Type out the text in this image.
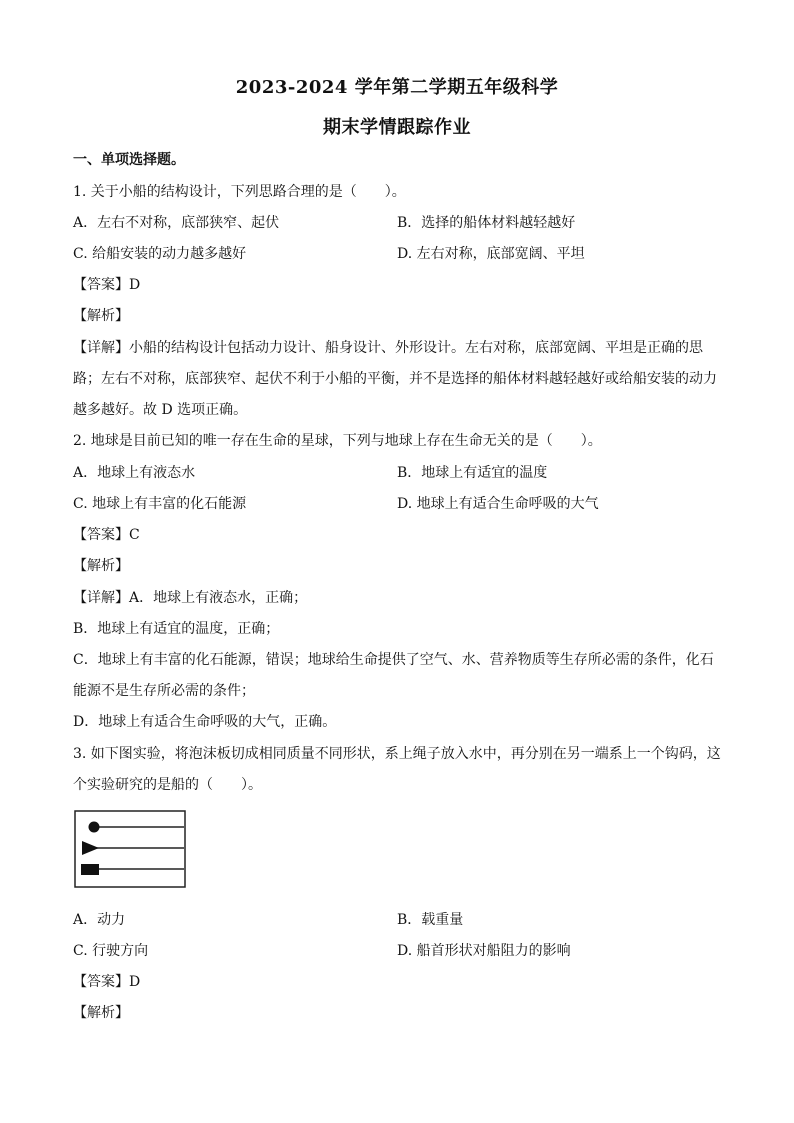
2023-2024 学年第二学期五年级科学
期末学情跟踪作业
一、单项选择题。
1. 关于小船的结构设计，下列思路合理的是（　　）。
A．左右不对称，底部狭窄、起伏	B．选择的船体材料越轻越好
C. 给船安装的动力越多越好	D. 左右对称，底部宽阔、平坦
【答案】D
【解析】
【详解】小船的结构设计包括动力设计、船身设计、外形设计。左右对称，底部宽阔、平坦是正确的思
路；左右不对称，底部狭窄、起伏不利于小船的平衡，并不是选择的船体材料越轻越好或给船安装的动力
越多越好。故 D 选项正确。
2. 地球是目前已知的唯一存在生命的星球，下列与地球上存在生命无关的是（　　）。
A．地球上有液态水	B．地球上有适宜的温度
C. 地球上有丰富的化石能源	D. 地球上有适合生命呼吸的大气
【答案】C
【解析】
【详解】A．地球上有液态水，正确；
B．地球上有适宜的温度，正确；
C．地球上有丰富的化石能源，错误；地球给生命提供了空气、水、营养物质等生存所必需的条件，化石
能源不是生存所必需的条件；
D．地球上有适合生命呼吸的大气，正确。
3. 如下图实验，将泡沫板切成相同质量不同形状，系上绳子放入水中，再分别在另一端系上一个钩码，这
个实验研究的是船的（　　）。
A．动力	B．载重量
C. 行驶方向	D. 船首形状对船阻力的影响
【答案】D
【解析】
